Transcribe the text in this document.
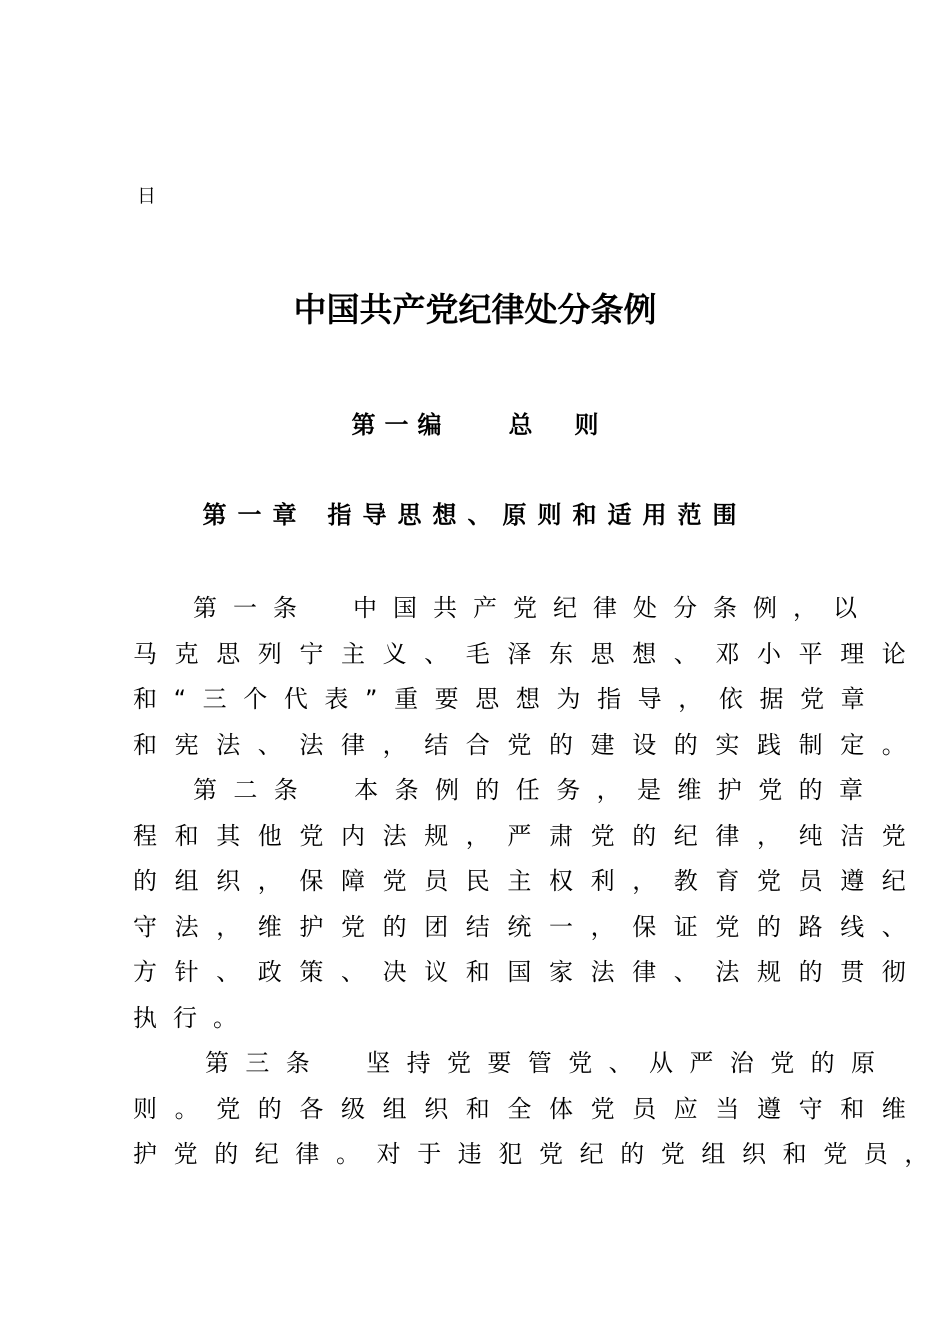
日
中国共产党纪律处分条例
第一编 总 则
第一章 指导思想、原则和适用范围
第一条 中国共产党纪律处分条例，以
马克思列宁主义、毛泽东思想、邓小平理论
和“三个代表”重要思想为指导，依据党章
和宪法、法律，结合党的建设的实践制定。
第二条 本条例的任务，是维护党的章
程和其他党内法规，严肃党的纪律，纯洁党
的组织，保障党员民主权利，教育党员遵纪
守法，维护党的团结统一，保证党的路线、
方针、政策、决议和国家法律、法规的贯彻
执行。
第三条 坚持党要管党、从严治党的原
则。党的各级组织和全体党员应当遵守和维
护党的纪律。对于违犯党纪的党组织和党员，
